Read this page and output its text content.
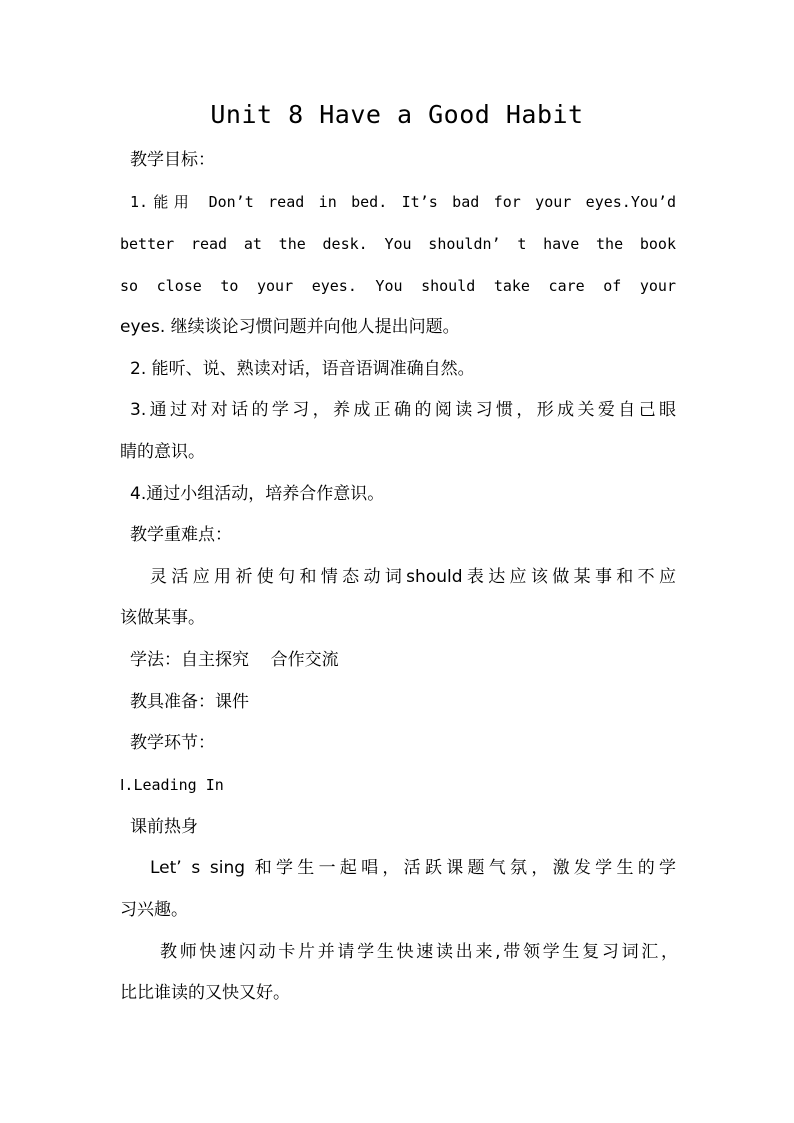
Unit 8 Have a Good Habit
教学目标：
1.能用 Don’t read in bed. It’s bad for your eyes.You’d
better read at the desk. You shouldn’ t have the book
so close to your eyes. You should take care of your
eyes. 继续谈论习惯问题并向他人提出问题。
2. 能听、说、熟读对话，语音语调准确自然。
3.通过对对话的学习，养成正确的阅读习惯，形成关爱自己眼
睛的意识。
4.通过小组活动，培养合作意识。
教学重难点：
灵活应用祈使句和情态动词should表达应该做某事和不应
该做某事。
学法：自主探究    合作交流
教具准备：课件
教学环节：
Ⅰ.Leading In
课前热身
Let’ s sing 和学生一起唱，活跃课题气氛，激发学生的学
习兴趣。
教师快速闪动卡片并请学生快速读出来,带领学生复习词汇，
比比谁读的又快又好。
